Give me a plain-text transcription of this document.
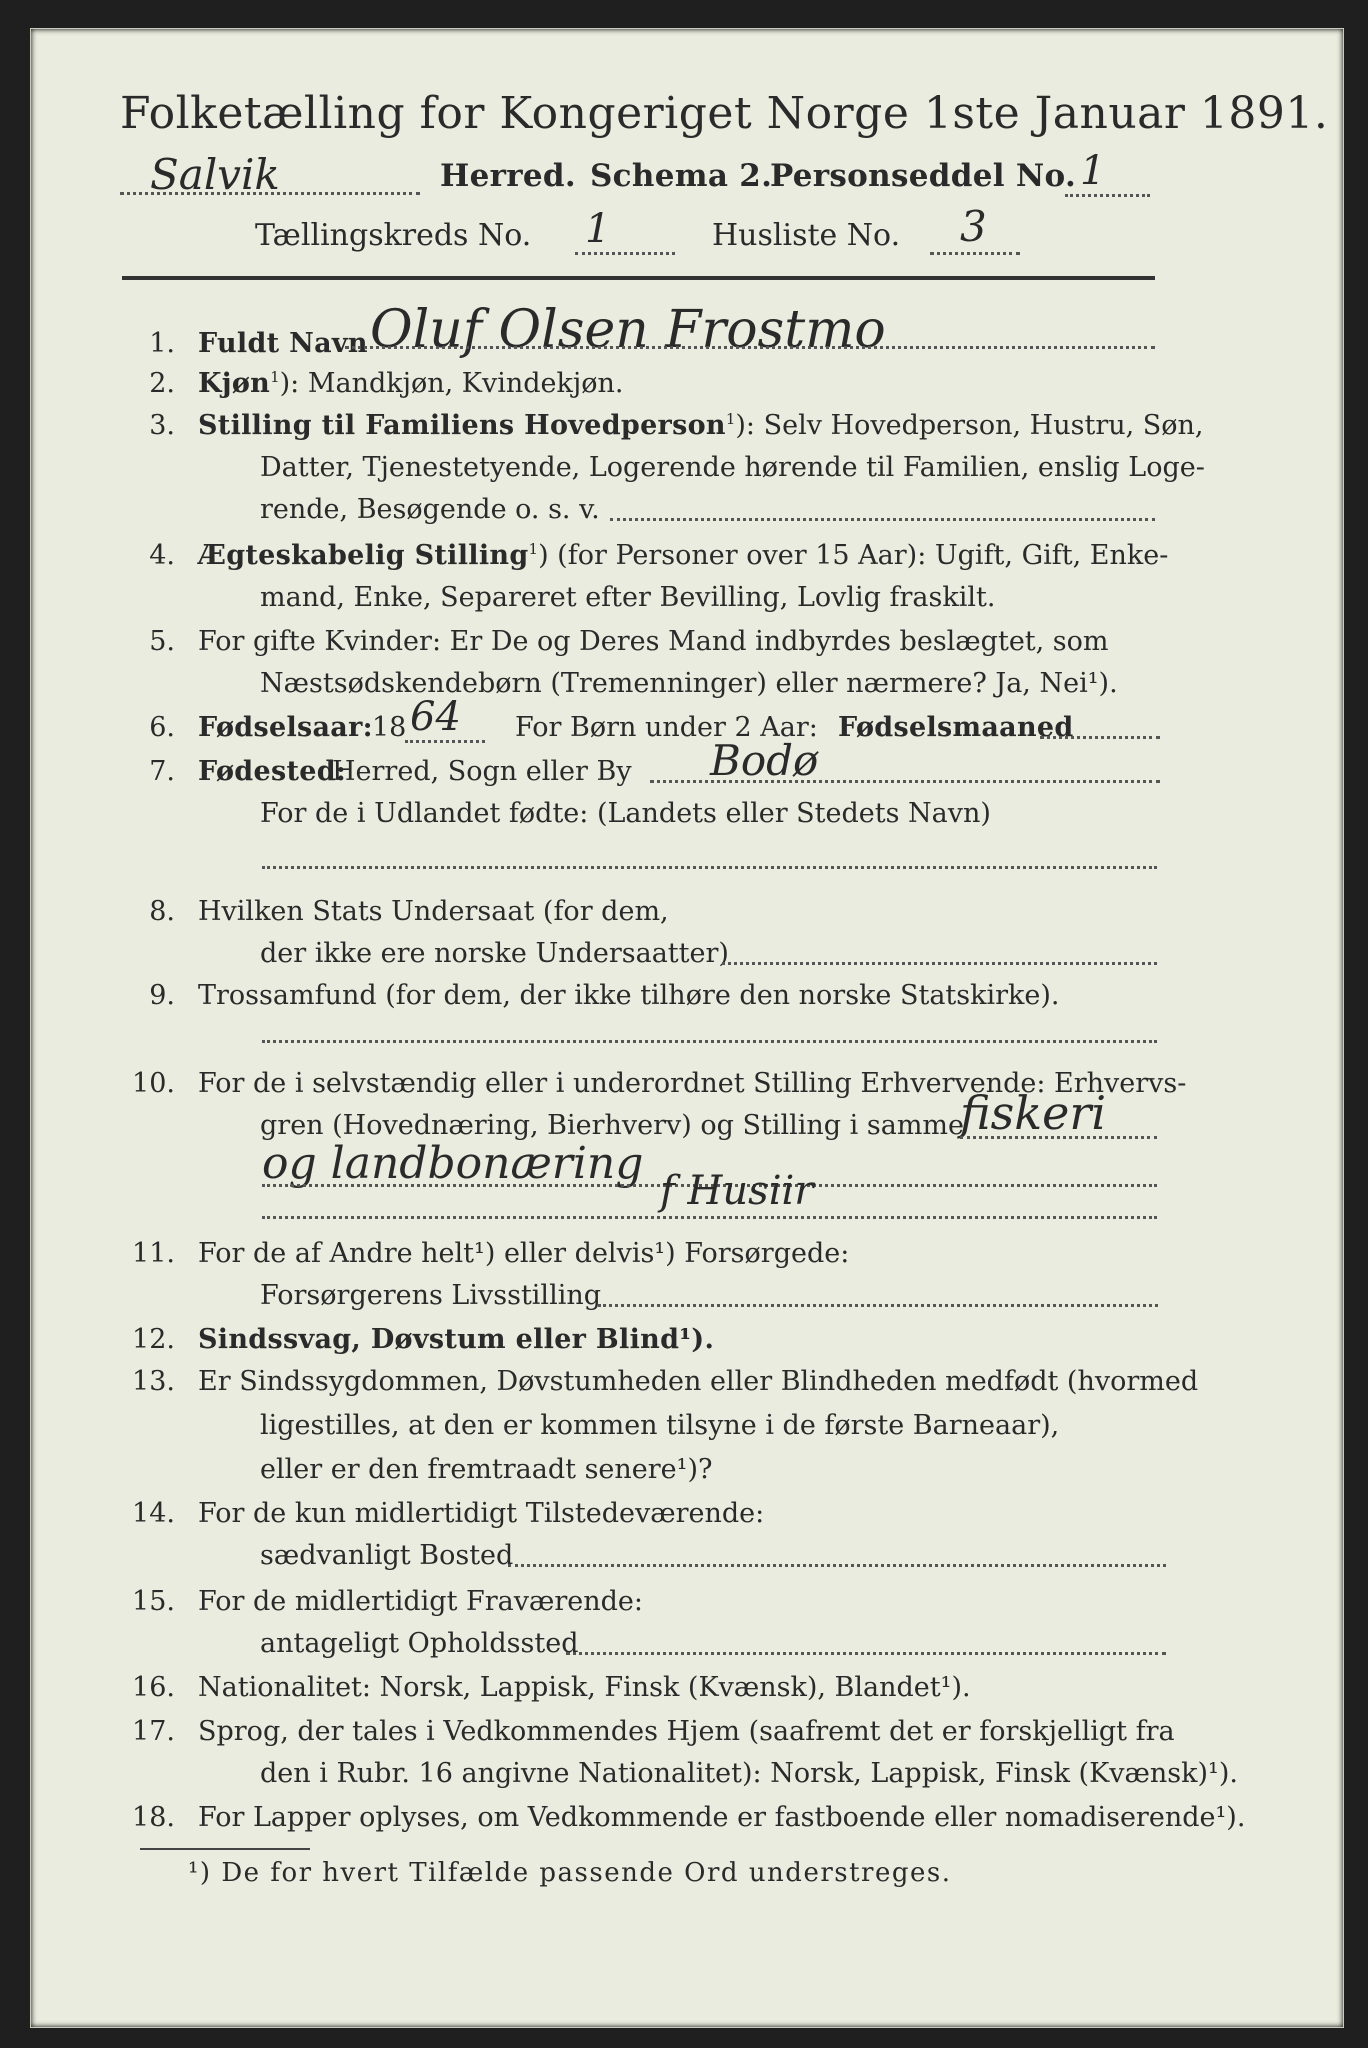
Folketælling for Kongeriget Norge 1ste Januar 1891.
Salvik	Herred. Schema 2.
Personseddel No. 1
Tællingskreds No. 1	Husliste No. 3
1. Fuldt Navn Oluf Olsen Frostmo
2. Kjøn$^1$): Mandkjøn, Kvindekjøn.
3. Stilling til Familiens Hovedperson$^1$): Selv Hovedperson, Hustru, Søn,
Datter, Tjenestetyende, Logerende hørende til Familien, enslig Loge-
rende, Besøgende o. s. v.
4. Ægteskabelig Stilling$^1$) (for Personer over 15 Aar): Ugift, Gift, Enke-
mand, Enke, Separeret efter Bevilling, Lovlig fraskilt.
5. For gifte Kvinder: Er De og Deres Mand indbyrdes beslægtet, som
Næstsødskendebørn (Tremenninger) eller nærmere? Ja, Nei¹).
6. Fødselsaar: 18 64 For Børn under 2 Aar: Fødselsmaaned
7. Fødested:
Herred, Sogn eller By Bodø
For de i Udlandet fødte: (Landets eller Stedets Navn)
8. Hvilken Stats Undersaat (for dem,
der ikke ere norske Undersaatter)
9. Trossamfund (for dem, der ikke tilhøre den norske Statskirke).
10. For de i selvstændig eller i underordnet Stilling Erhvervende: Erhvervs-
gren (Hovednæring, Bierhverv) og Stilling i samme
fiskeri
og landbonæring
f Husiir
11. For de af Andre helt¹) eller delvis¹) Forsørgede:
Forsørgerens Livsstilling
12. Sindssvag, Døvstum eller Blind¹).
13. Er Sindssygdommen, Døvstumheden eller Blindheden medfødt (hvormed
ligestilles, at den er kommen tilsyne i de første Barneaar),
eller er den fremtraadt senere¹)?
14. For de kun midlertidigt Tilstedeværende:
sædvanligt Bosted
15. For de midlertidigt Fraværende:
antageligt Opholdssted
16. Nationalitet: Norsk, Lappisk, Finsk (Kvænsk), Blandet¹).
17. Sprog, der tales i Vedkommendes Hjem (saafremt det er forskjelligt fra
den i Rubr. 16 angivne Nationalitet): Norsk, Lappisk, Finsk (Kvænsk)¹).
18. For Lapper oplyses, om Vedkommende er fastboende eller nomadiserende¹).
¹) De for hvert Tilfælde passende Ord understreges.
